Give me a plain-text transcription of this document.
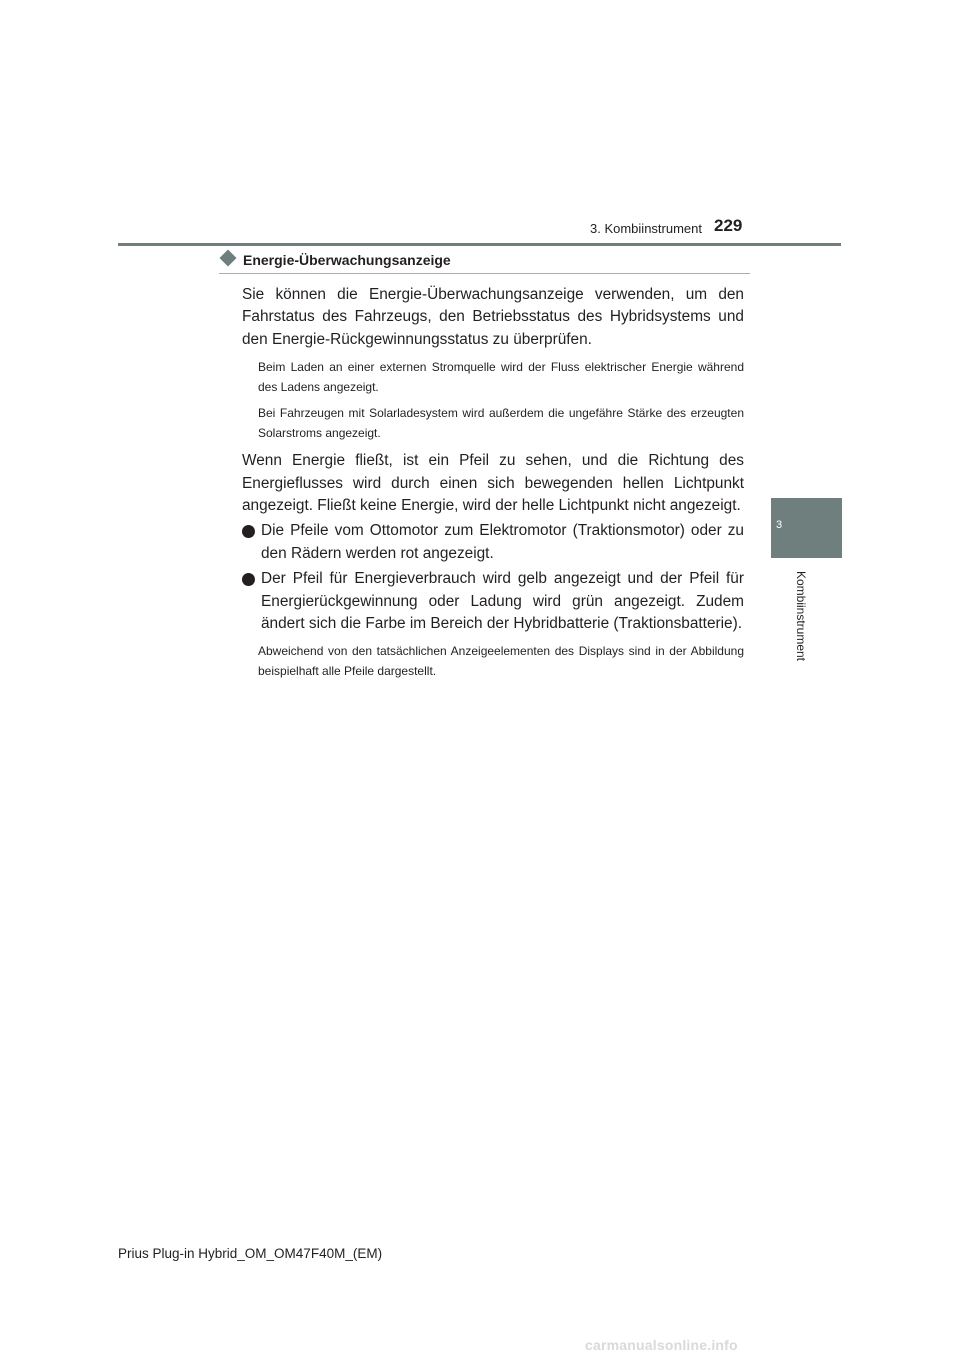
3. Kombiinstrument 229
3
Kombiinstrument
Energie-Überwachungsanzeige

Sie können die Energie-Überwachungsanzeige verwenden, um den Fahrstatus des Fahrzeugs, den Betriebsstatus des Hybridsystems und den Energie-Rückgewinnungsstatus zu überprüfen.

Beim Laden an einer externen Stromquelle wird der Fluss elektrischer Energie während des Ladens angezeigt.

Bei Fahrzeugen mit Solarladesystem wird außerdem die ungefähre Stärke des erzeugten Solarstroms angezeigt.

Wenn Energie fließt, ist ein Pfeil zu sehen, und die Richtung des Energieflusses wird durch einen sich bewegenden hellen Lichtpunkt angezeigt. Fließt keine Energie, wird der helle Lichtpunkt nicht angezeigt.

Die Pfeile vom Ottomotor zum Elektromotor (Traktionsmotor) oder zu den Rädern werden rot angezeigt.
Der Pfeil für Energieverbrauch wird gelb angezeigt und der Pfeil für Energierückgewinnung oder Ladung wird grün angezeigt. Zudem ändert sich die Farbe im Bereich der Hybridbatterie (Traktionsbatterie).

Abweichend von den tatsächlichen Anzeigeelementen des Displays sind in der Abbildung beispielhaft alle Pfeile dargestellt.

Prius Plug-in Hybrid_OM_OM47F40M_(EM)
carmanualsonline.info
